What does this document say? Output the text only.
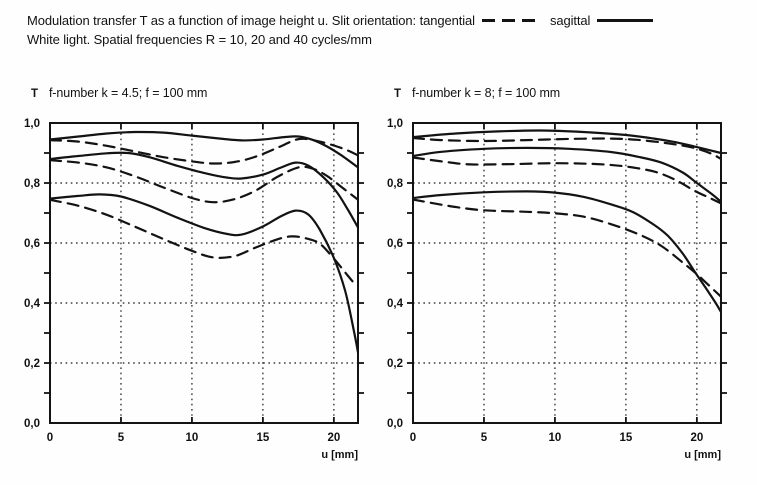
Modulation transfer T as a function of image height u. Slit orientation: tangential	sagittal
White light. Spatial frequencies R = 10, 20 and 40 cycles/mm
T f-number k = 4.5; f = 100 mm	T f-number k = 8; f = 100 mm
0,0
0,2
0,4
0,6
0,8
1,0
0	5	10	15	20
u [mm]
0,0
0,2
0,4
0,6
0,8
1,0
0	5	10	15	20
u [mm]
